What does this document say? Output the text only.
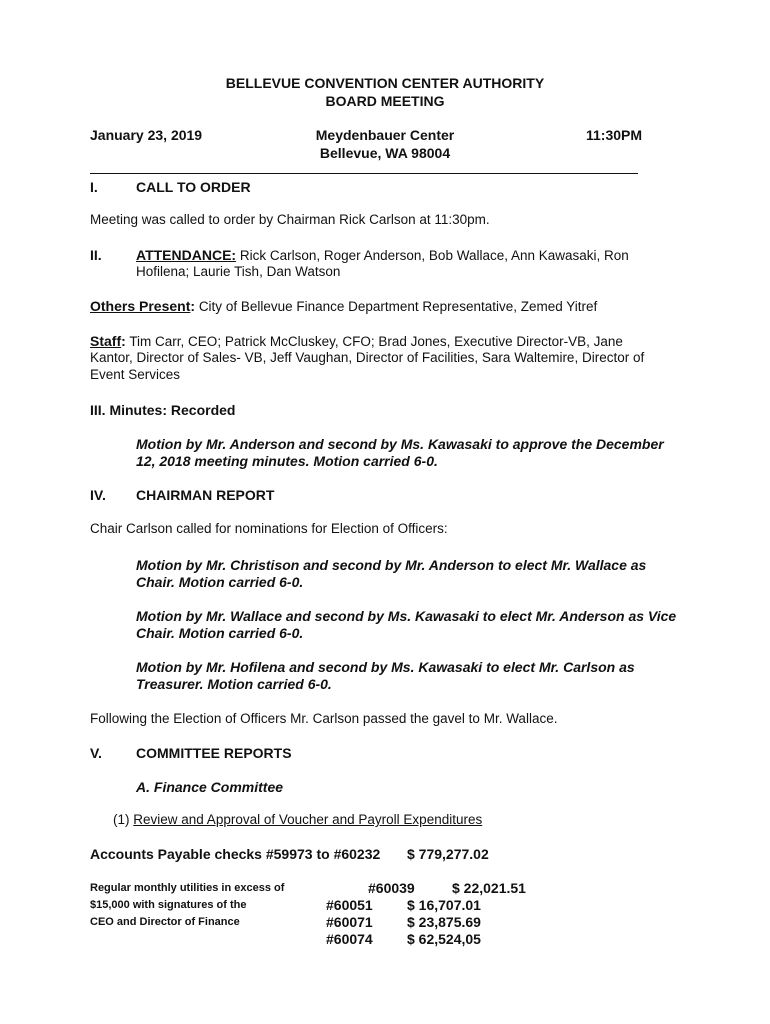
BELLEVUE CONVENTION CENTER AUTHORITY
BOARD MEETING
January 23, 2019	Meydenbauer Center
Bellevue, WA 98004
11:30PM
I.	CALL TO ORDER
Meeting was called to order by Chairman Rick Carlson at 11:30pm.
II. ATTENDANCE: Rick Carlson, Roger Anderson, Bob Wallace, Ann Kawasaki, Ron
Hofilena; Laurie Tish, Dan Watson
Others Present: City of Bellevue Finance Department Representative, Zemed Yitref
Staff: Tim Carr, CEO; Patrick McCluskey, CFO; Brad Jones, Executive Director-VB, Jane
Kantor, Director of Sales- VB, Jeff Vaughan, Director of Facilities, Sara Waltemire, Director of
Event Services
III. Minutes: Recorded
Motion by Mr. Anderson and second by Ms. Kawasaki to approve the December
12, 2018 meeting minutes. Motion carried 6-0.
IV. CHAIRMAN REPORT
Chair Carlson called for nominations for Election of Officers:
Motion by Mr. Christison and second by Mr. Anderson to elect Mr. Wallace as
Chair. Motion carried 6-0.
Motion by Mr. Wallace and second by Ms. Kawasaki to elect Mr. Anderson as Vice
Chair. Motion carried 6-0.
Motion by Mr. Hofilena and second by Ms. Kawasaki to elect Mr. Carlson as
Treasurer. Motion carried 6-0.
Following the Election of Officers Mr. Carlson passed the gavel to Mr. Wallace.
V. COMMITTEE REPORTS
A. Finance Committee
(1) Review and Approval of Voucher and Payroll Expenditures
Accounts Payable checks #59973 to #60232 $ 779,277.02
Regular monthly utilities in excess of
$15,000 with signatures of the
CEO and Director of Finance
#60039	$ 22,021.51
#60051 $ 16,707.01
#60071 $ 23,875.69
#60074 $ 62,524,05
